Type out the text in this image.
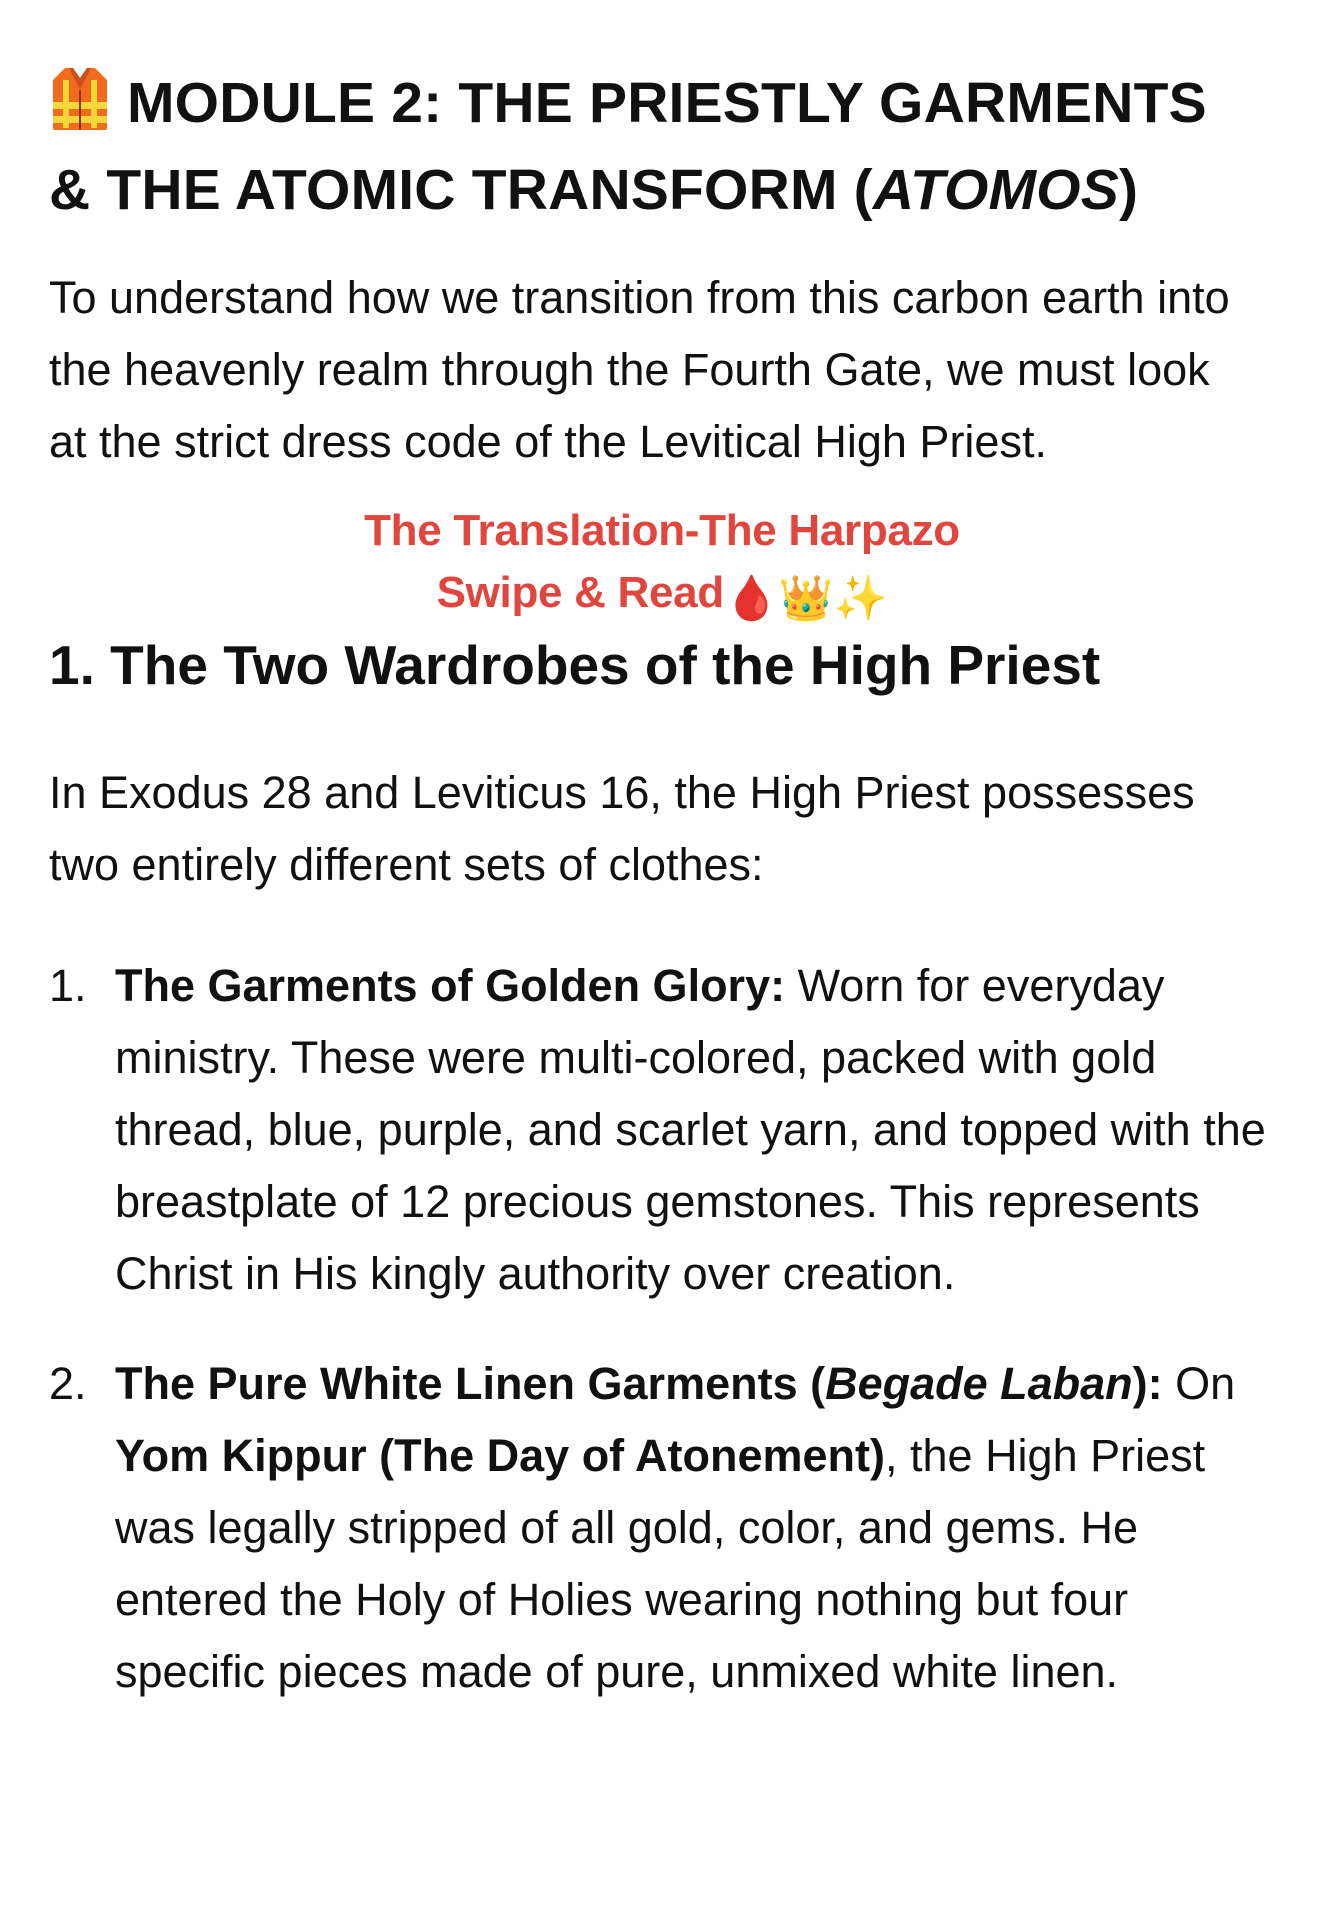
MODULE 2: THE PRIESTLY GARMENTS
& THE ATOMIC TRANSFORM (ATOMOS)

To understand how we transition from this carbon earth into the heavenly realm through the Fourth Gate, we must look at the strict dress code of the Levitical High Priest.

1. The Two Wardrobes of the High Priest

In Exodus 28 and Leviticus 16, the High Priest possesses two entirely different sets of clothes:

1. The Garments of Golden Glory: Worn for everyday ministry. These were multi-colored, packed with gold thread, blue, purple, and scarlet yarn, and topped with the breastplate of 12 precious gemstones. This represents Christ in His kingly authority over creation.
2. The Pure White Linen Garments (Begade Laban): On Yom Kippur (The Day of Atonement), the High Priest was legally stripped of all gold, color, and gems. He entered the Holy of Holies wearing nothing but four specific pieces made of pure, unmixed white linen.
The Translation-The Harpazo
Swipe & Read🩸👑✨
